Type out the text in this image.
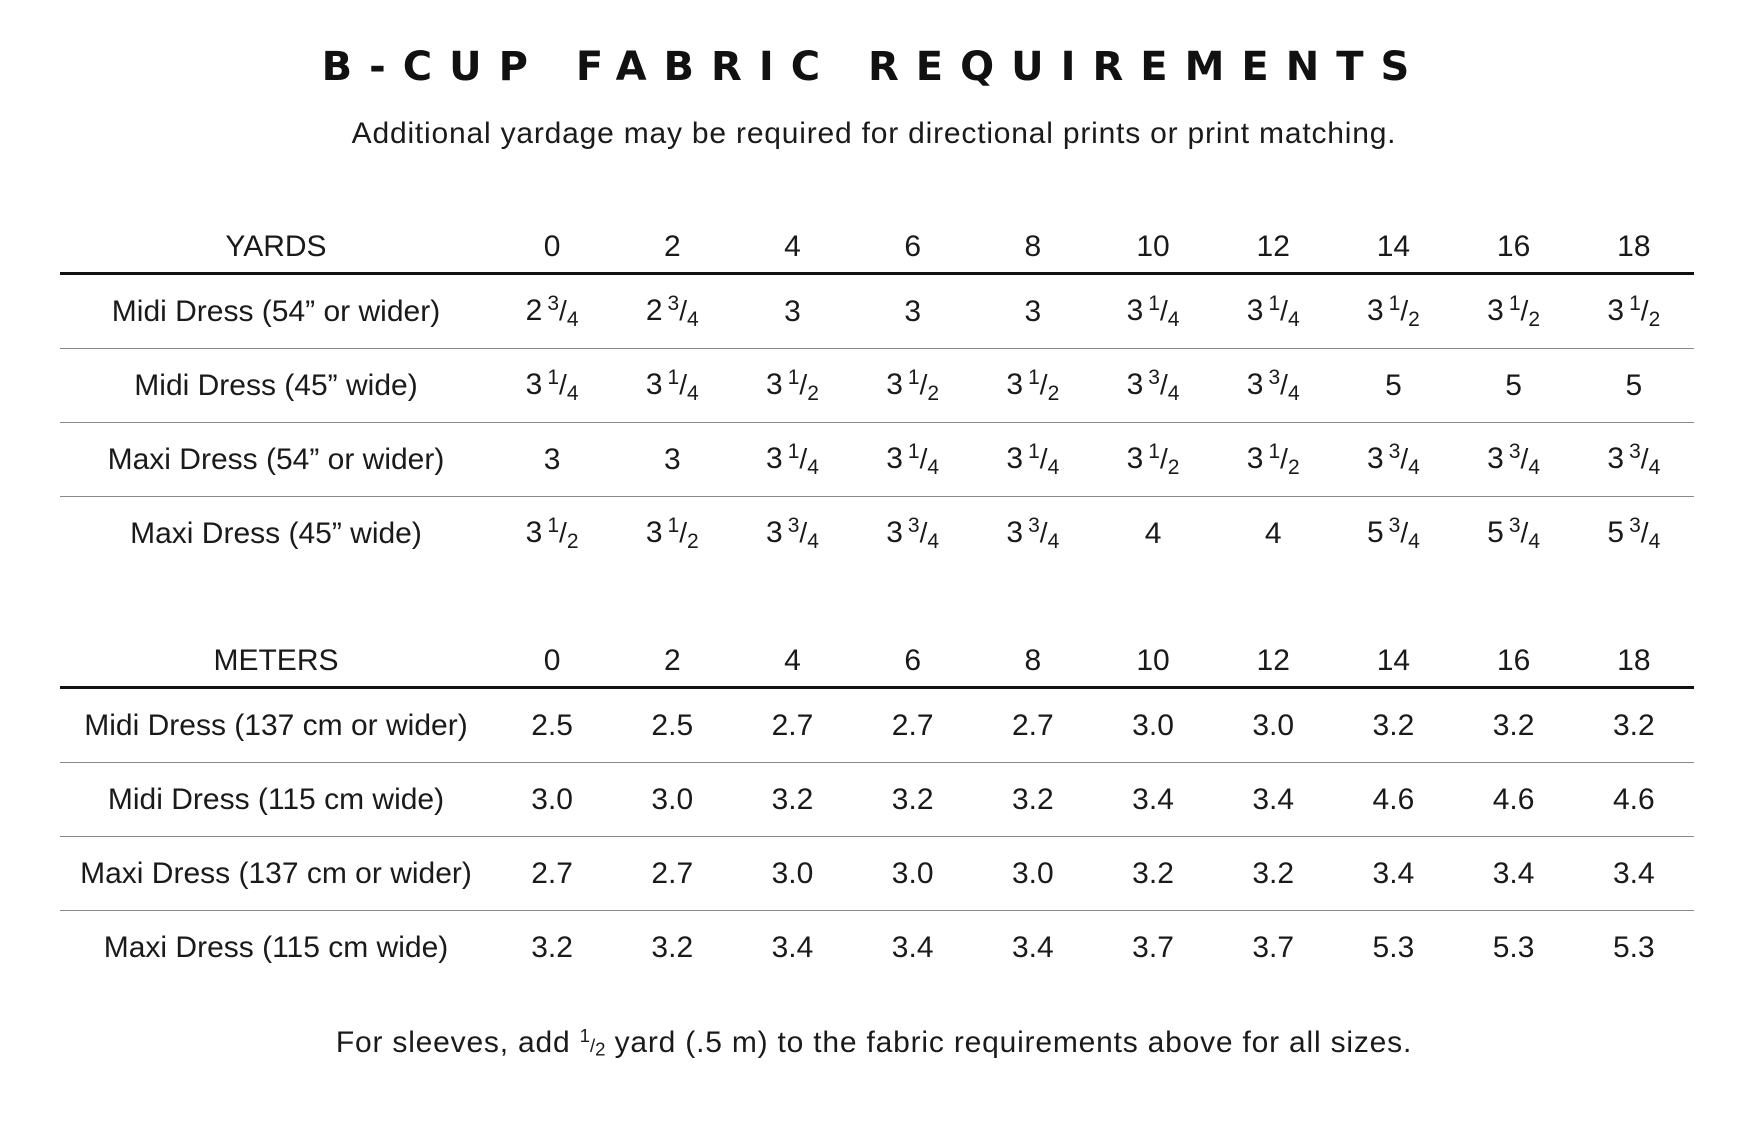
B-CUP FABRIC REQUIREMENTS
Additional yardage may be required for directional prints or print matching.
YARDS	0	2	4	6	8	10	12	14	16	18
Midi Dress (54” or wider)	2 3/4	2 3/4	3	3	3	3 1/4	3 1/4	3 1/2	3 1/2	3 1/2
Midi Dress (45” wide)	3 1/4	3 1/4	3 1/2	3 1/2	3 1/2	3 3/4	3 3/4	5	5	5
Maxi Dress (54” or wider)	3	3	3 1/4	3 1/4	3 1/4	3 1/2	3 1/2	3 3/4	3 3/4	3 3/4
Maxi Dress (45” wide)	3 1/2	3 1/2	3 3/4	3 3/4	3 3/4	4	4	5 3/4	5 3/4	5 3/4
METERS	0	2	4	6	8	10	12	14	16	18
Midi Dress (137 cm or wider)	2.5	2.5	2.7	2.7	2.7	3.0	3.0	3.2	3.2	3.2
Midi Dress (115 cm wide)	3.0	3.0	3.2	3.2	3.2	3.4	3.4	4.6	4.6	4.6
Maxi Dress (137 cm or wider)	2.7	2.7	3.0	3.0	3.0	3.2	3.2	3.4	3.4	3.4
Maxi Dress (115 cm wide)	3.2	3.2	3.4	3.4	3.4	3.7	3.7	5.3	5.3	5.3
For sleeves, add 1/2 yard (.5 m) to the fabric requirements above for all sizes.
